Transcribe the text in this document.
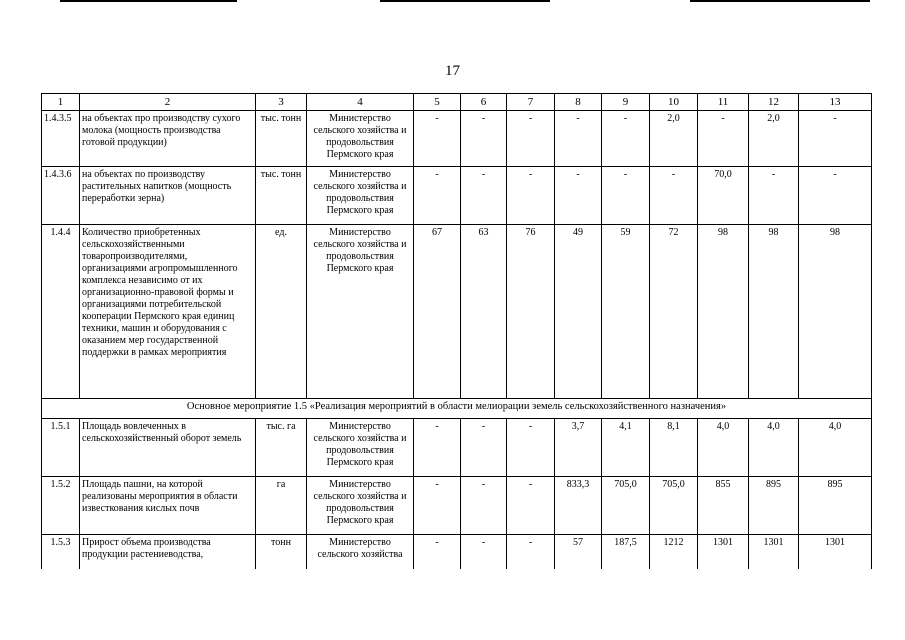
17
1	2	3	4	5	6	7	8	9	10	11	12	13
1.4.3.5	на объектах про производству сухого молока (мощность производства готовой продукции)	тыс. тонн	Министерство сельского хозяйства и продовольствия Пермского края	-	-	-	-	-	2,0	-	2,0	-
1.4.3.6	на объектах по производству растительных напитков (мощность переработки зерна)	тыс. тонн	Министерство сельского хозяйства и продовольствия Пермского края	-	-	-	-	-	-	70,0	-	-
1.4.4	Количество приобретенных сельскохозяйственными товаропроизводителями, организациями агропромышленного комплекса независимо от их организационно-правовой формы и организациями потребительской кооперации Пермского края единиц техники, машин и оборудования с оказанием мер государственной поддержки в рамках мероприятия	ед.	Министерство сельского хозяйства и продовольствия Пермского края	67	63	76	49	59	72	98	98	98
Основное мероприятие 1.5 «Реализация мероприятий в области мелиорации земель сельскохозяйственного назначения»												
1.5.1	Площадь вовлеченных в сельскохозяйственный оборот земель	тыс. га	Министерство сельского хозяйства и продовольствия Пермского края	-	-	-	3,7	4,1	8,1	4,0	4,0	4,0
1.5.2	Площадь пашни, на которой реализованы мероприятия в области известкования кислых почв	га	Министерство сельского хозяйства и продовольствия Пермского края	-	-	-	833,3	705,0	705,0	855	895	895
1.5.3	Прирост объема производства продукции растениеводства,	тонн	Министерство сельского хозяйства	-	-	-	57	187,5	1212	1301	1301	1301
